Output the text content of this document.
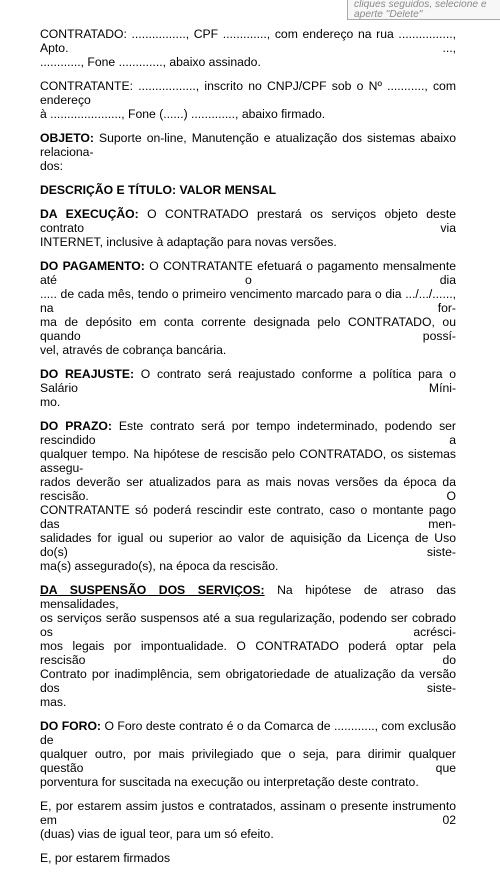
cliques seguidos, selecione e
aperte "Delete"

CONTRATADO: ................, CPF ............., com endereço na rua ................, Apto. ...,
............, Fone ............., abaixo assinado.

CONTRATANTE: ................., inscrito no CNPJ/CPF sob o Nº ..........., com endereço
à ....................., Fone (......) ............., abaixo firmado.

OBJETO: Suporte on-line, Manutenção e atualização dos sistemas abaixo relaciona-
dos:

DESCRIÇÃO E TÍTULO: VALOR MENSAL

DA EXECUÇÃO: O CONTRATADO prestará os serviços objeto deste contrato via
INTERNET, inclusive à adaptação para novas versões.

DO PAGAMENTO: O CONTRATANTE efetuará o pagamento mensalmente até o dia
..... de cada mês, tendo o primeiro vencimento marcado para o dia .../.../......, na for-
ma de depósito em conta corrente designada pelo CONTRATADO, ou quando possí-
vel, através de cobrança bancária.

DO REAJUSTE: O contrato será reajustado conforme a política para o Salário Míni-
mo.

DO PRAZO: Este contrato será por tempo indeterminado, podendo ser rescindido a
qualquer tempo. Na hipótese de rescisão pelo CONTRATADO, os sistemas assegu-
rados deverão ser atualizados para as mais novas versões da época da rescisão. O
CONTRATANTE só poderá rescindir este contrato, caso o montante pago das men-
salidades for igual ou superior ao valor de aquisição da Licença de Uso do(s) siste-
ma(s) assegurado(s), na época da rescisão.

DA SUSPENSÃO DOS SERVIÇOS: Na hipótese de atraso das mensalidades,
os serviços serão suspensos até a sua regularização, podendo ser cobrado os acrésci-
mos legais por impontualidade. O CONTRATADO poderá optar pela rescisão do
Contrato por inadimplência, sem obrigatoriedade de atualização da versão dos siste-
mas.

DO FORO: O Foro deste contrato é o da Comarca de ............, com exclusão de
qualquer outro, por mais privilegiado que o seja, para dirimir qualquer questão que
porventura for suscitada na execução ou interpretação deste contrato.

E, por estarem assim justos e contratados, assinam o presente instrumento em 02
(duas) vias de igual teor, para um só efeito.

E, por estarem firmados
